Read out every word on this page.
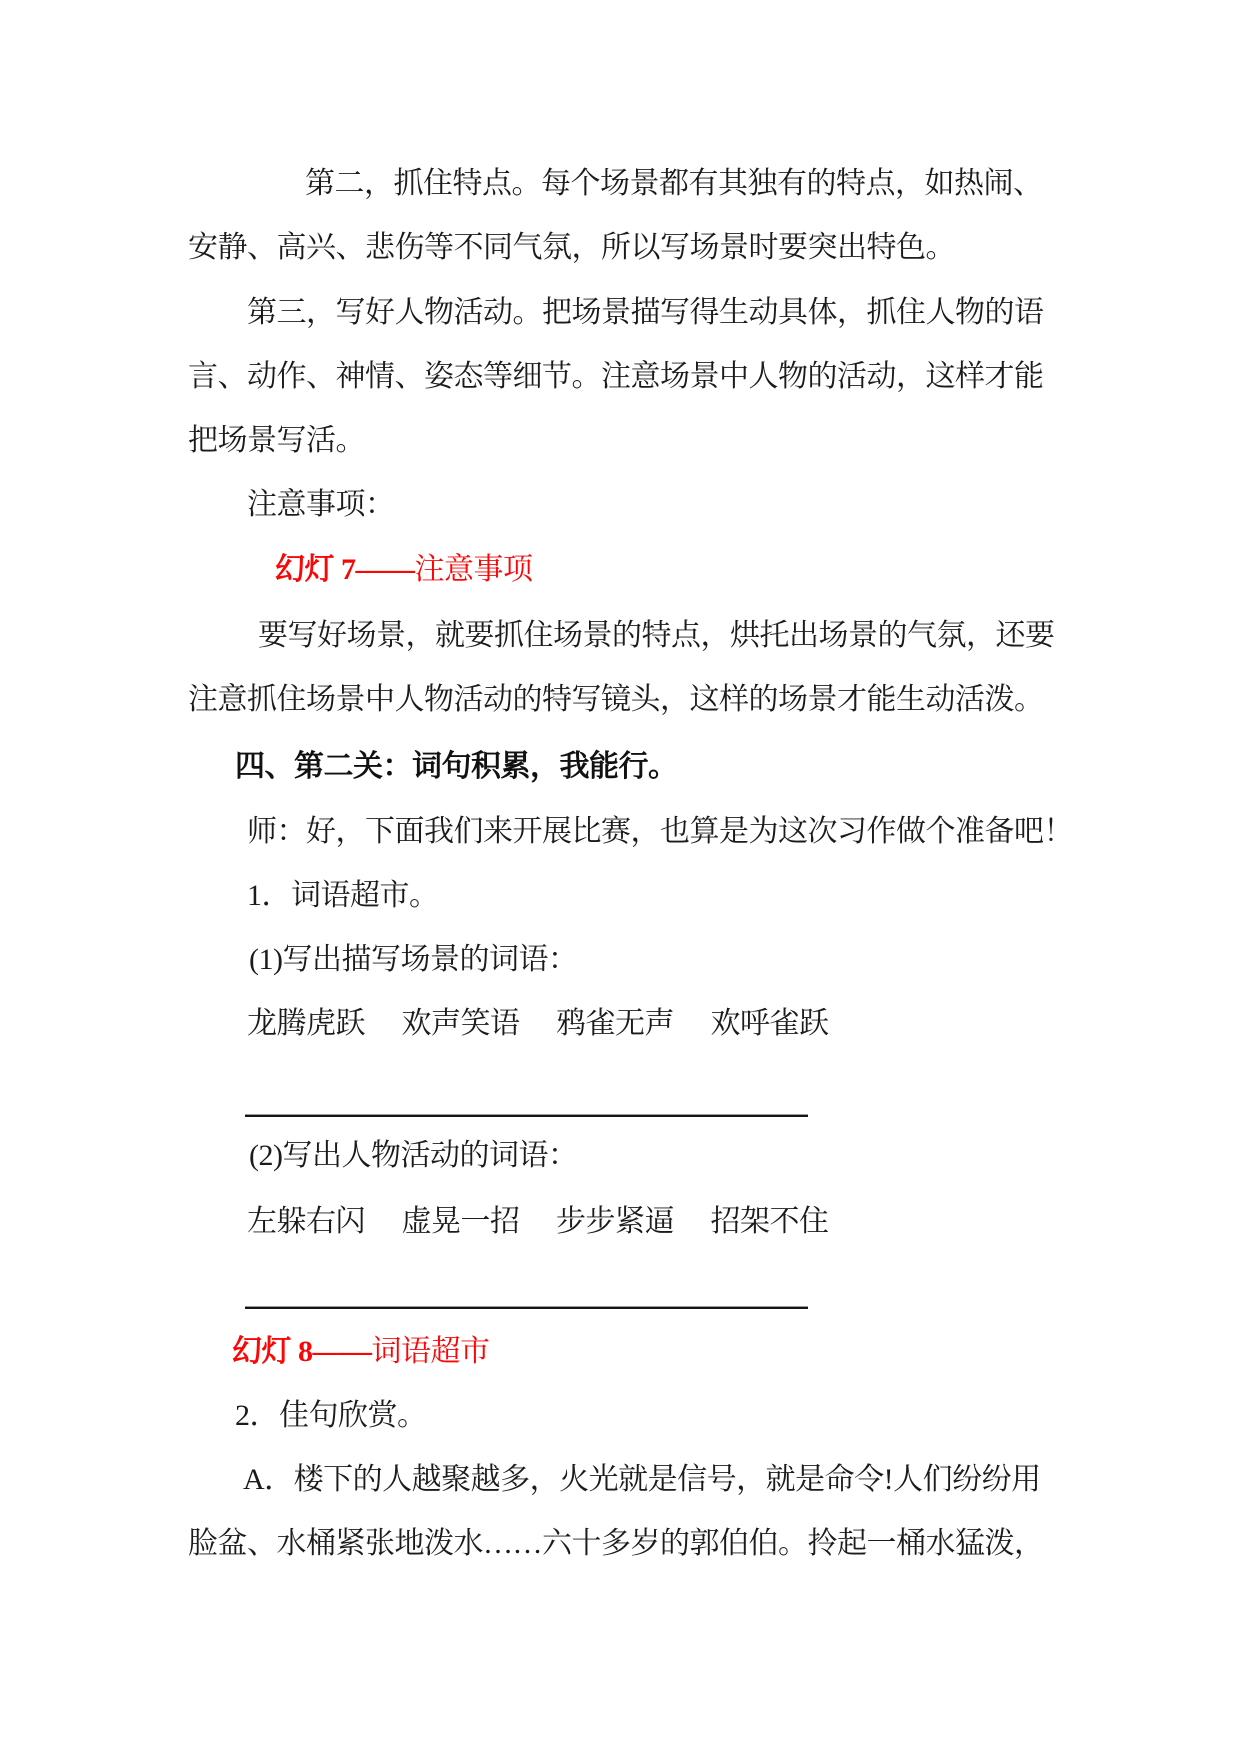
第二，抓住特点。每个场景都有其独有的特点，如热闹、
安静、高兴、悲伤等不同气氛，所以写场景时要突出特色。
第三，写好人物活动。把场景描写得生动具体，抓住人物的语
言、动作、神情、姿态等细节。注意场景中人物的活动，这样才能
把场景写活。
注意事项：
幻灯 7——注意事项
要写好场景，就要抓住场景的特点，烘托出场景的气氛，还要
注意抓住场景中人物活动的特写镜头，这样的场景才能生动活泼。
四、第二关：词句积累，我能行。
师：好，下面我们来开展比赛，也算是为这次习作做个准备吧！
1．词语超市。
(1)写出描写场景的词语：
龙腾虎跃　 欢声笑语　 鸦雀无声　 欢呼雀跃
(2)写出人物活动的词语：
左躲右闪　 虚晃一招　 步步紧逼　 招架不住
幻灯 8——词语超市
2．佳句欣赏。
A．楼下的人越聚越多，火光就是信号，就是命令!人们纷纷用
脸盆、水桶紧张地泼水……六十多岁的郭伯伯。拎起一桶水猛泼，
